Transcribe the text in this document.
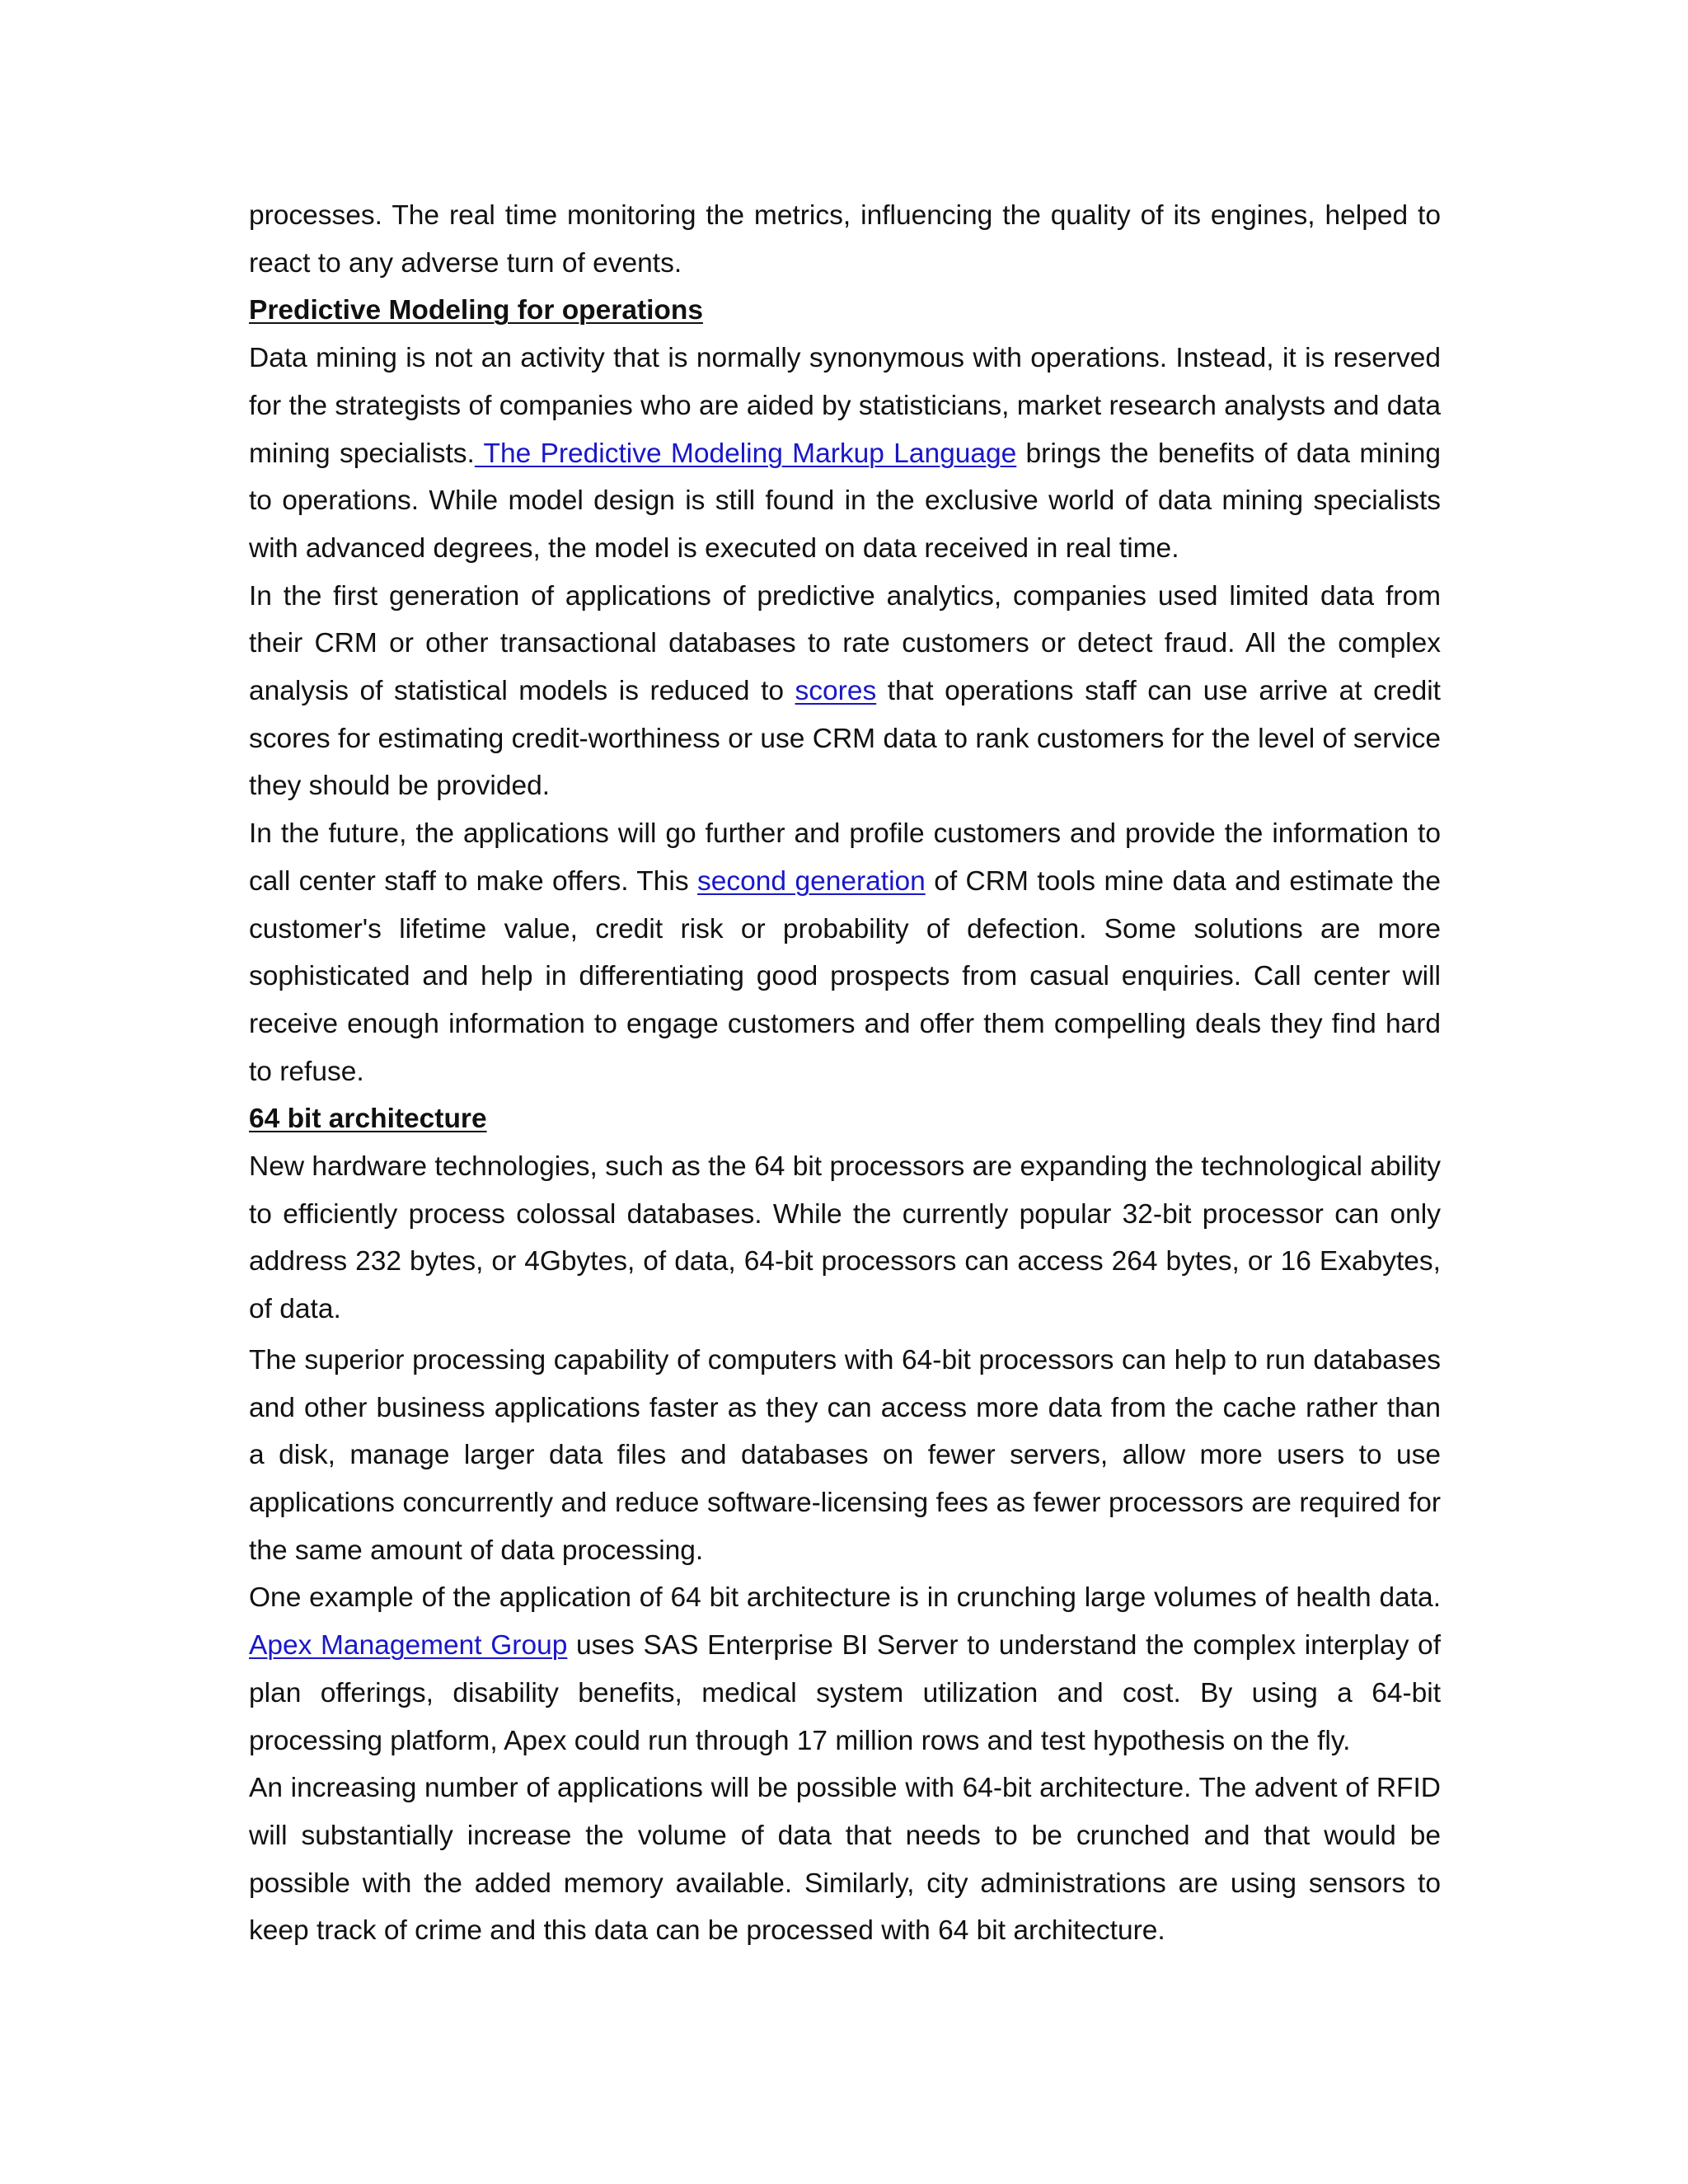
processes. The real time monitoring the metrics, influencing the quality of its engines, helped to react to any adverse turn of events.

Predictive Modeling for operations

Data mining is not an activity that is normally synonymous with operations. Instead, it is reserved for the strategists of companies who are aided by statisticians, market research analysts and data mining specialists. The Predictive Modeling Markup Language brings the benefits of data mining to operations. While model design is still found in the exclusive world of data mining specialists with advanced degrees, the model is executed on data received in real time.

In the first generation of applications of predictive analytics, companies used limited data from their CRM or other transactional databases to rate customers or detect fraud. All the complex analysis of statistical models is reduced to scores that operations staff can use arrive at credit scores for estimating credit-worthiness or use CRM data to rank customers for the level of service they should be provided.

In the future, the applications will go further and profile customers and provide the information to call center staff to make offers. This second generation of CRM tools mine data and estimate the customer's lifetime value, credit risk or probability of defection. Some solutions are more sophisticated and help in differentiating good prospects from casual enquiries. Call center will receive enough information to engage customers and offer them compelling deals they find hard to refuse.

64 bit architecture

New hardware technologies, such as the 64 bit processors are expanding the technological ability to efficiently process colossal databases. While the currently popular 32-bit processor can only address 232 bytes, or 4Gbytes, of data, 64-bit processors can access 264 bytes, or 16 Exabytes, of data.

The superior processing capability of computers with 64-bit processors can help to run databases and other business applications faster as they can access more data from the cache rather than a disk, manage larger data files and databases on fewer servers, allow more users to use applications concurrently and reduce software-licensing fees as fewer processors are required for the same amount of data processing.

One example of the application of 64 bit architecture is in crunching large volumes of health data. Apex Management Group uses SAS Enterprise BI Server to understand the complex interplay of plan offerings, disability benefits, medical system utilization and cost. By using a 64-bit processing platform, Apex could run through 17 million rows and test hypothesis on the fly.

An increasing number of applications will be possible with 64-bit architecture. The advent of RFID will substantially increase the volume of data that needs to be crunched and that would be possible with the added memory available. Similarly, city administrations are using sensors to keep track of crime and this data can be processed with 64 bit architecture.
